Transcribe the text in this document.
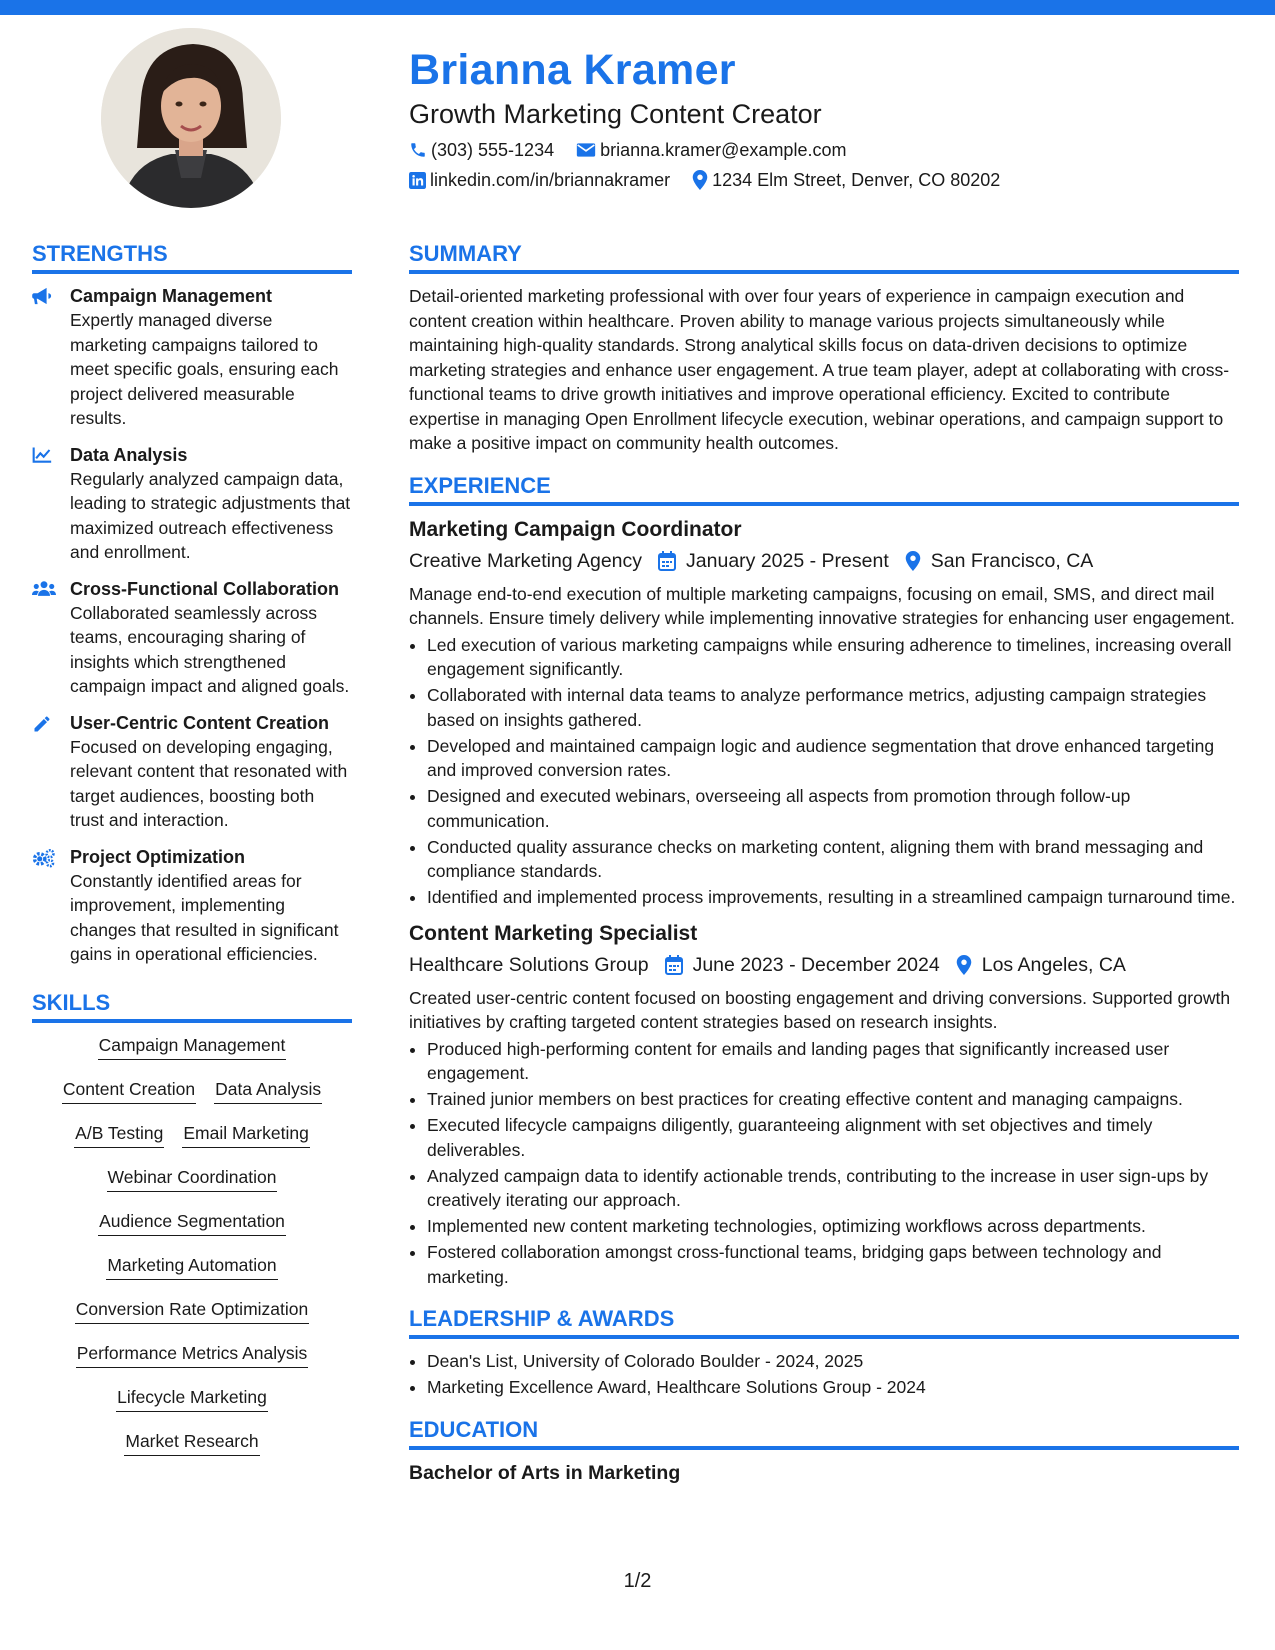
Brianna Kramer
Growth Marketing Content Creator
(303) 555-1234	brianna.kramer@example.com
linkedin.com/in/briannakramer 1234 Elm Street, Denver, CO 80202
STRENGTHS
Campaign Management
Expertly managed diverse marketing campaigns tailored to meet specific goals, ensuring each project delivered measurable results.
Data Analysis
Regularly analyzed campaign data, leading to strategic adjustments that maximized outreach effectiveness and enrollment.
Cross-Functional Collaboration
Collaborated seamlessly across teams, encouraging sharing of insights which strengthened campaign impact and aligned goals.
User-Centric Content Creation
Focused on developing engaging, relevant content that resonated with target audiences, boosting both trust and interaction.
Project Optimization
Constantly identified areas for improvement, implementing changes that resulted in significant gains in operational efficiencies.
SKILLS
Campaign Management
Content Creation Data Analysis
A/B Testing Email Marketing
Webinar Coordination
Audience Segmentation
Marketing Automation
Conversion Rate Optimization
Performance Metrics Analysis
Lifecycle Marketing
Market Research
SUMMARY
Detail-oriented marketing professional with over four years of experience in campaign execution and content creation within healthcare. Proven ability to manage various projects simultaneously while maintaining high-quality standards. Strong analytical skills focus on data-driven decisions to optimize marketing strategies and enhance user engagement. A true team player, adept at collaborating with cross-functional teams to drive growth initiatives and improve operational efficiency. Excited to contribute expertise in managing Open Enrollment lifecycle execution, webinar operations, and campaign support to make a positive impact on community health outcomes.
EXPERIENCE
Marketing Campaign Coordinator
Creative Marketing Agency January 2025 - Present San Francisco, CA
Manage end-to-end execution of multiple marketing campaigns, focusing on email, SMS, and direct mail channels. Ensure timely delivery while implementing innovative strategies for enhancing user engagement.
• Led execution of various marketing campaigns while ensuring adherence to timelines, increasing overall engagement significantly.
• Collaborated with internal data teams to analyze performance metrics, adjusting campaign strategies based on insights gathered.
• Developed and maintained campaign logic and audience segmentation that drove enhanced targeting and improved conversion rates.
• Designed and executed webinars, overseeing all aspects from promotion through follow-up communication.
• Conducted quality assurance checks on marketing content, aligning them with brand messaging and compliance standards.
• Identified and implemented process improvements, resulting in a streamlined campaign turnaround time.
Content Marketing Specialist
Healthcare Solutions Group June 2023 - December 2024 Los Angeles, CA
Created user-centric content focused on boosting engagement and driving conversions. Supported growth initiatives by crafting targeted content strategies based on research insights.
• Produced high-performing content for emails and landing pages that significantly increased user engagement.
• Trained junior members on best practices for creating effective content and managing campaigns.
• Executed lifecycle campaigns diligently, guaranteeing alignment with set objectives and timely deliverables.
• Analyzed campaign data to identify actionable trends, contributing to the increase in user sign-ups by creatively iterating our approach.
• Implemented new content marketing technologies, optimizing workflows across departments.
• Fostered collaboration amongst cross-functional teams, bridging gaps between technology and marketing.
LEADERSHIP & AWARDS
• Dean's List, University of Colorado Boulder - 2024, 2025
• Marketing Excellence Award, Healthcare Solutions Group - 2024
EDUCATION
Bachelor of Arts in Marketing
1/2
